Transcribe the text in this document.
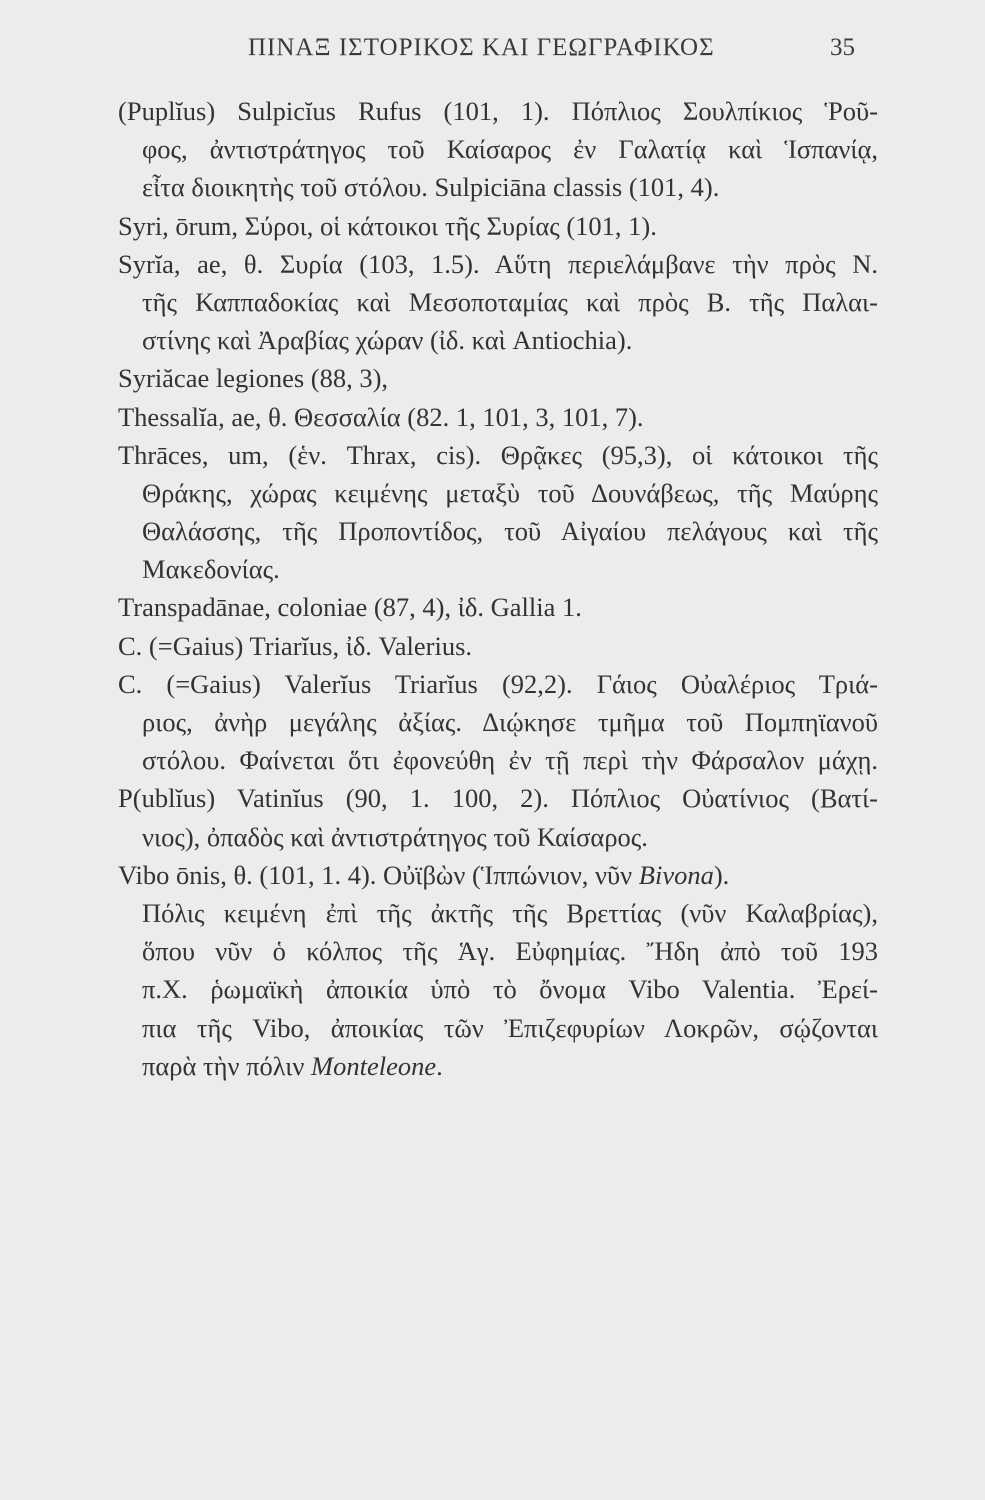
ΠΙΝΑΞ ΙΣΤΟΡΙΚΟΣ ΚΑΙ ΓΕΩΓΡΑΦΙΚΟΣ	35
(Puplĭus) Sulpicĭus Rufus (101, 1). Πόπλιος Σουλπίκιος Ῥοῦ-
φος, ἀντιστράτηγος τοῦ Καίσαρος ἐν Γαλατίᾳ καὶ Ἱσπανίᾳ,
εἶτα διοικητὴς τοῦ στόλου. Sulpiciāna classis (101, 4).
Syri, ōrum, Σύροι, οἱ κάτοικοι τῆς Συρίας (101, 1).
Syrĭa, ae, θ. Συρία (103, 1.5). Αὕτη περιελάμβανε τὴν πρὸς Ν.
τῆς Καππαδοκίας καὶ Μεσοποταμίας καὶ πρὸς Β. τῆς Παλαι-
στίνης καὶ Ἀραβίας χώραν (ἰδ. καὶ Antiochia).
Syriăcae legiones (88, 3),
Thessalĭa, ae, θ. Θεσσαλία (82. 1, 101, 3, 101, 7).
Thrāces, um, (ἑν. Thrax, cis). Θρᾷκες (95,3), οἱ κάτοικοι τῆς
Θράκης, χώρας κειμένης μεταξὺ τοῦ Δουνάβεως, τῆς Μαύρης
Θαλάσσης, τῆς Προποντίδος, τοῦ Αἰγαίου πελάγους καὶ τῆς
Μακεδονίας.
Transpadānae, coloniae (87, 4), ἰδ. Gallia 1.
C. (=Gaius) Triarĭus, ἰδ. Valerius.
C. (=Gaius) Valerĭus Triarĭus (92,2). Γάιος Οὐαλέριος Τριά-
ριος, ἀνὴρ μεγάλης ἀξίας. Διῴκησε τμῆμα τοῦ Πομπηϊανοῦ
στόλου. Φαίνεται ὅτι ἐφονεύθη ἐν τῇ περὶ τὴν Φάρσαλον μάχῃ.
P(ublĭus) Vatinĭus (90, 1. 100, 2). Πόπλιος Οὐατίνιος (Βατί-
νιος), ὀπαδὸς καὶ ἀντιστράτηγος τοῦ Καίσαρος.
Vibo ōnis, θ. (101, 1. 4). Οὐϊβὼν (Ἱππώνιον, νῦν Bivona).
Πόλις κειμένη ἐπὶ τῆς ἀκτῆς τῆς Βρεττίας (νῦν Καλαβρίας),
ὅπου νῦν ὁ κόλπος τῆς Ἁγ. Εὐφημίας. Ἤδη ἀπὸ τοῦ 193
π.Χ. ῥωμαϊκὴ ἀποικία ὑπὸ τὸ ὄνομα Vibo Valentia. Ἐρεί-
πια τῆς Vibo, ἀποικίας τῶν Ἐπιζεφυρίων Λοκρῶν, σῴζονται
παρὰ τὴν πόλιν Monteleone.
